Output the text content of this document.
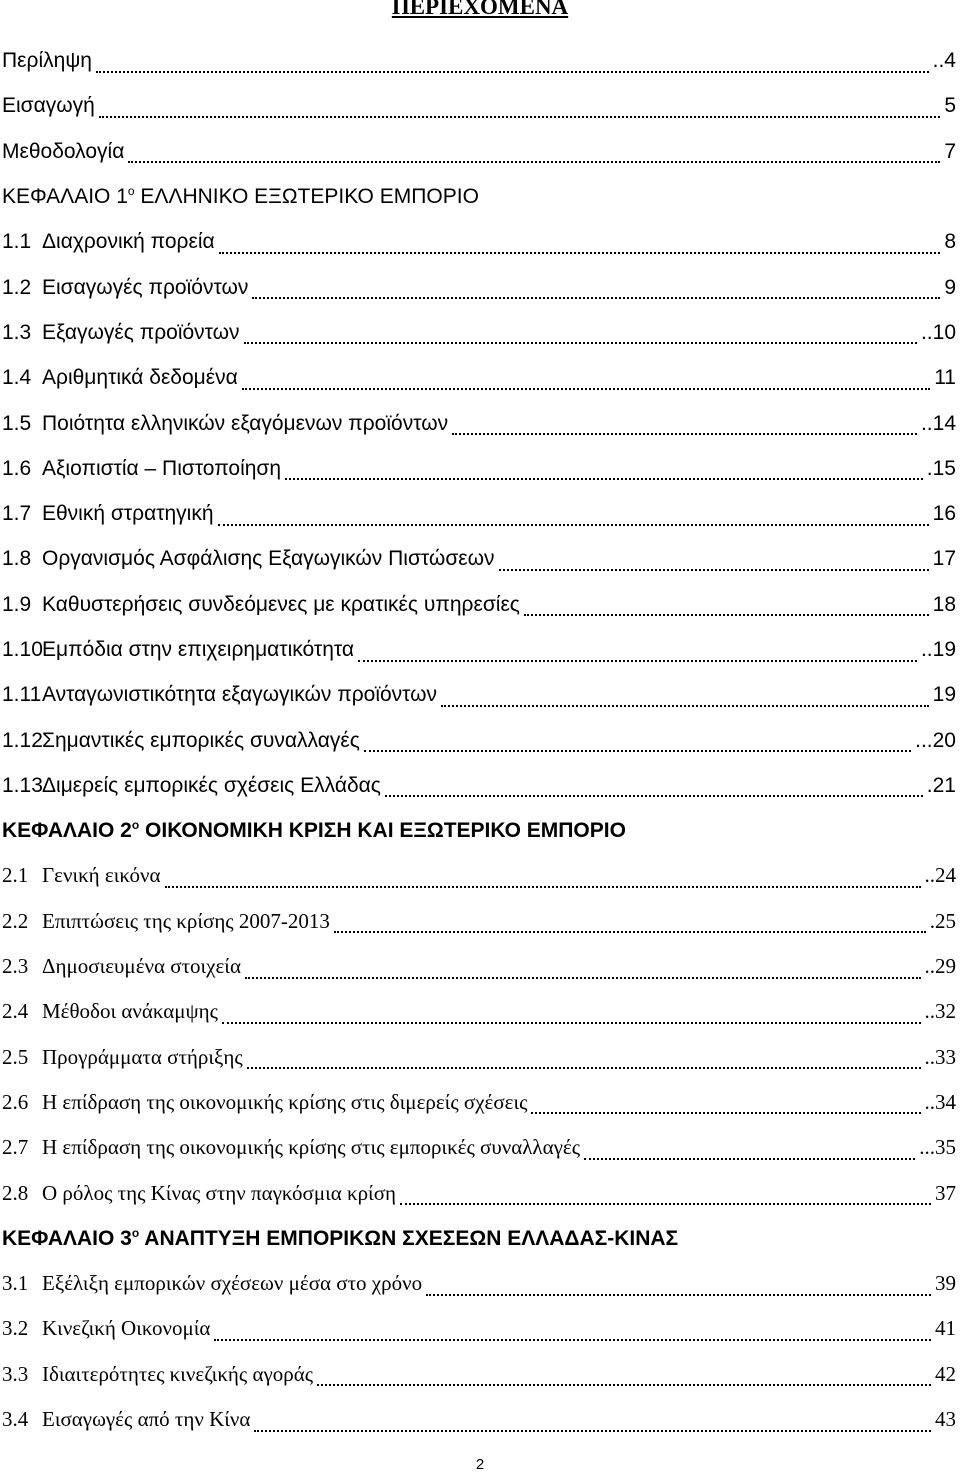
ΠΕΡΙΕΧΟΜΕΝΑ
Περίληψη	..4
Εισαγωγή	5
Μεθοδολογία	7
ΚΕΦΑΛΑΙΟ $1^o$ ΕΛΛΗΝΙΚΟ ΕΞΩΤΕΡΙΚΟ ΕΜΠΟΡΙΟ
1.1 Διαχρονική πορεία	8
1.2 Εισαγωγές προϊόντων	9
1.3 Εξαγωγές προϊόντων	..10
1.4 Αριθμητικά δεδομένα	11
1.5 Ποιότητα ελληνικών εξαγόμενων προϊόντων	..14
1.6 Αξιοπιστία – Πιστοποίηση	.15
1.7 Εθνική στρατηγική	16
1.8 Οργανισμός Ασφάλισης Εξαγωγικών Πιστώσεων	17
1.9 Καθυστερήσεις συνδεόμενες με κρατικές υπηρεσίες	18
1.10 Εμπόδια στην επιχειρηματικότητα	..19
1.11 Ανταγωνιστικότητα εξαγωγικών προϊόντων	19
1.12 Σημαντικές εμπορικές συναλλαγές	...20
1.13 Διμερείς εμπορικές σχέσεις Ελλάδας	.21
ΚΕΦΑΛΑΙΟ $2^o$ ΟΙΚΟΝΟΜΙΚΗ ΚΡΙΣΗ ΚΑΙ ΕΞΩΤΕΡΙΚΟ ΕΜΠΟΡΙΟ
2.1 Γενική εικόνα	..24
2.2 Επιπτώσεις της κρίσης 2007-2013	.25
2.3 Δημοσιευμένα στοιχεία	..29
2.4 Μέθοδοι ανάκαμψης	..32
2.5 Προγράμματα στήριξης	..33
2.6 Η επίδραση της οικονομικής κρίσης στις διμερείς σχέσεις	..34
2.7 Η επίδραση της οικονομικής κρίσης στις εμπορικές συναλλαγές	...35
2.8 Ο ρόλος της Κίνας στην παγκόσμια κρίση	37
ΚΕΦΑΛΑΙΟ $3^o$ ΑΝΑΠΤΥΞΗ ΕΜΠΟΡΙΚΩΝ ΣΧΕΣΕΩΝ ΕΛΛΑΔΑΣ-ΚΙΝΑΣ
3.1 Εξέλιξη εμπορικών σχέσεων μέσα στο χρόνο	39
3.2 Κινεζική Οικονομία	41
3.3 Ιδιαιτερότητες κινεζικής αγοράς	42
3.4 Εισαγωγές από την Κίνα	43
2
